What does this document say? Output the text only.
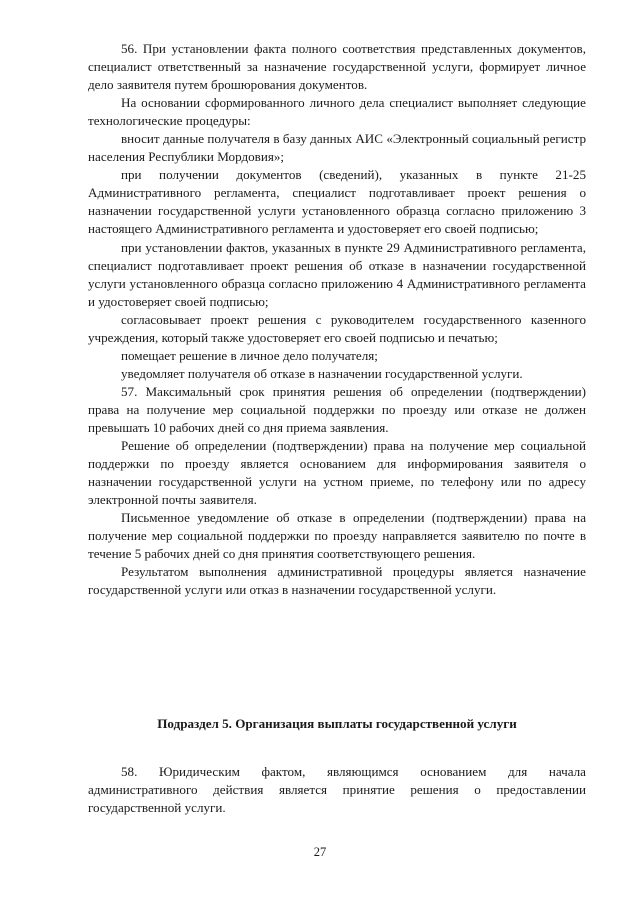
56. При установлении факта полного соответствия представленных документов, специалист ответственный за назначение государственной услуги, формирует личное дело заявителя путем брошюрования документов.

На основании сформированного личного дела специалист выполняет следующие технологические процедуры:

вносит данные получателя в базу данных АИС «Электронный социальный регистр населения Республики Мордовия»;

при получении документов (сведений), указанных в пункте 21-25 Административного регламента, специалист подготавливает проект решения о назначении государственной услуги установленного образца согласно приложению 3 настоящего Административного регламента и удостоверяет его своей подписью;

при установлении фактов, указанных в пункте 29 Административного регламента, специалист подготавливает проект решения об отказе в назначении государственной услуги установленного образца согласно приложению 4 Административного регламента и удостоверяет своей подписью;

согласовывает проект решения с руководителем государственного казенного учреждения, который также удостоверяет его своей подписью и печатью;

помещает решение в личное дело получателя;

уведомляет получателя об отказе в назначении государственной услуги.

57. Максимальный срок принятия решения об определении (подтверждении) права на получение мер социальной поддержки по проезду или отказе не должен превышать 10 рабочих дней со дня приема заявления.

Решение об определении (подтверждении) права на получение мер социальной поддержки по проезду является основанием для информирования заявителя о назначении государственной услуги на устном приеме, по телефону или по адресу электронной почты заявителя.

Письменное уведомление об отказе в определении (подтверждении) права на получение мер социальной поддержки по проезду направляется заявителю по почте в течение 5 рабочих дней со дня принятия соответствующего решения.

Результатом выполнения административной процедуры является назначение государственной услуги или отказ в назначении государственной услуги.

Подраздел 5. Организация выплаты государственной услуги

58. Юридическим фактом, являющимся основанием для начала административного действия является принятие решения о предоставлении государственной услуги.

27
